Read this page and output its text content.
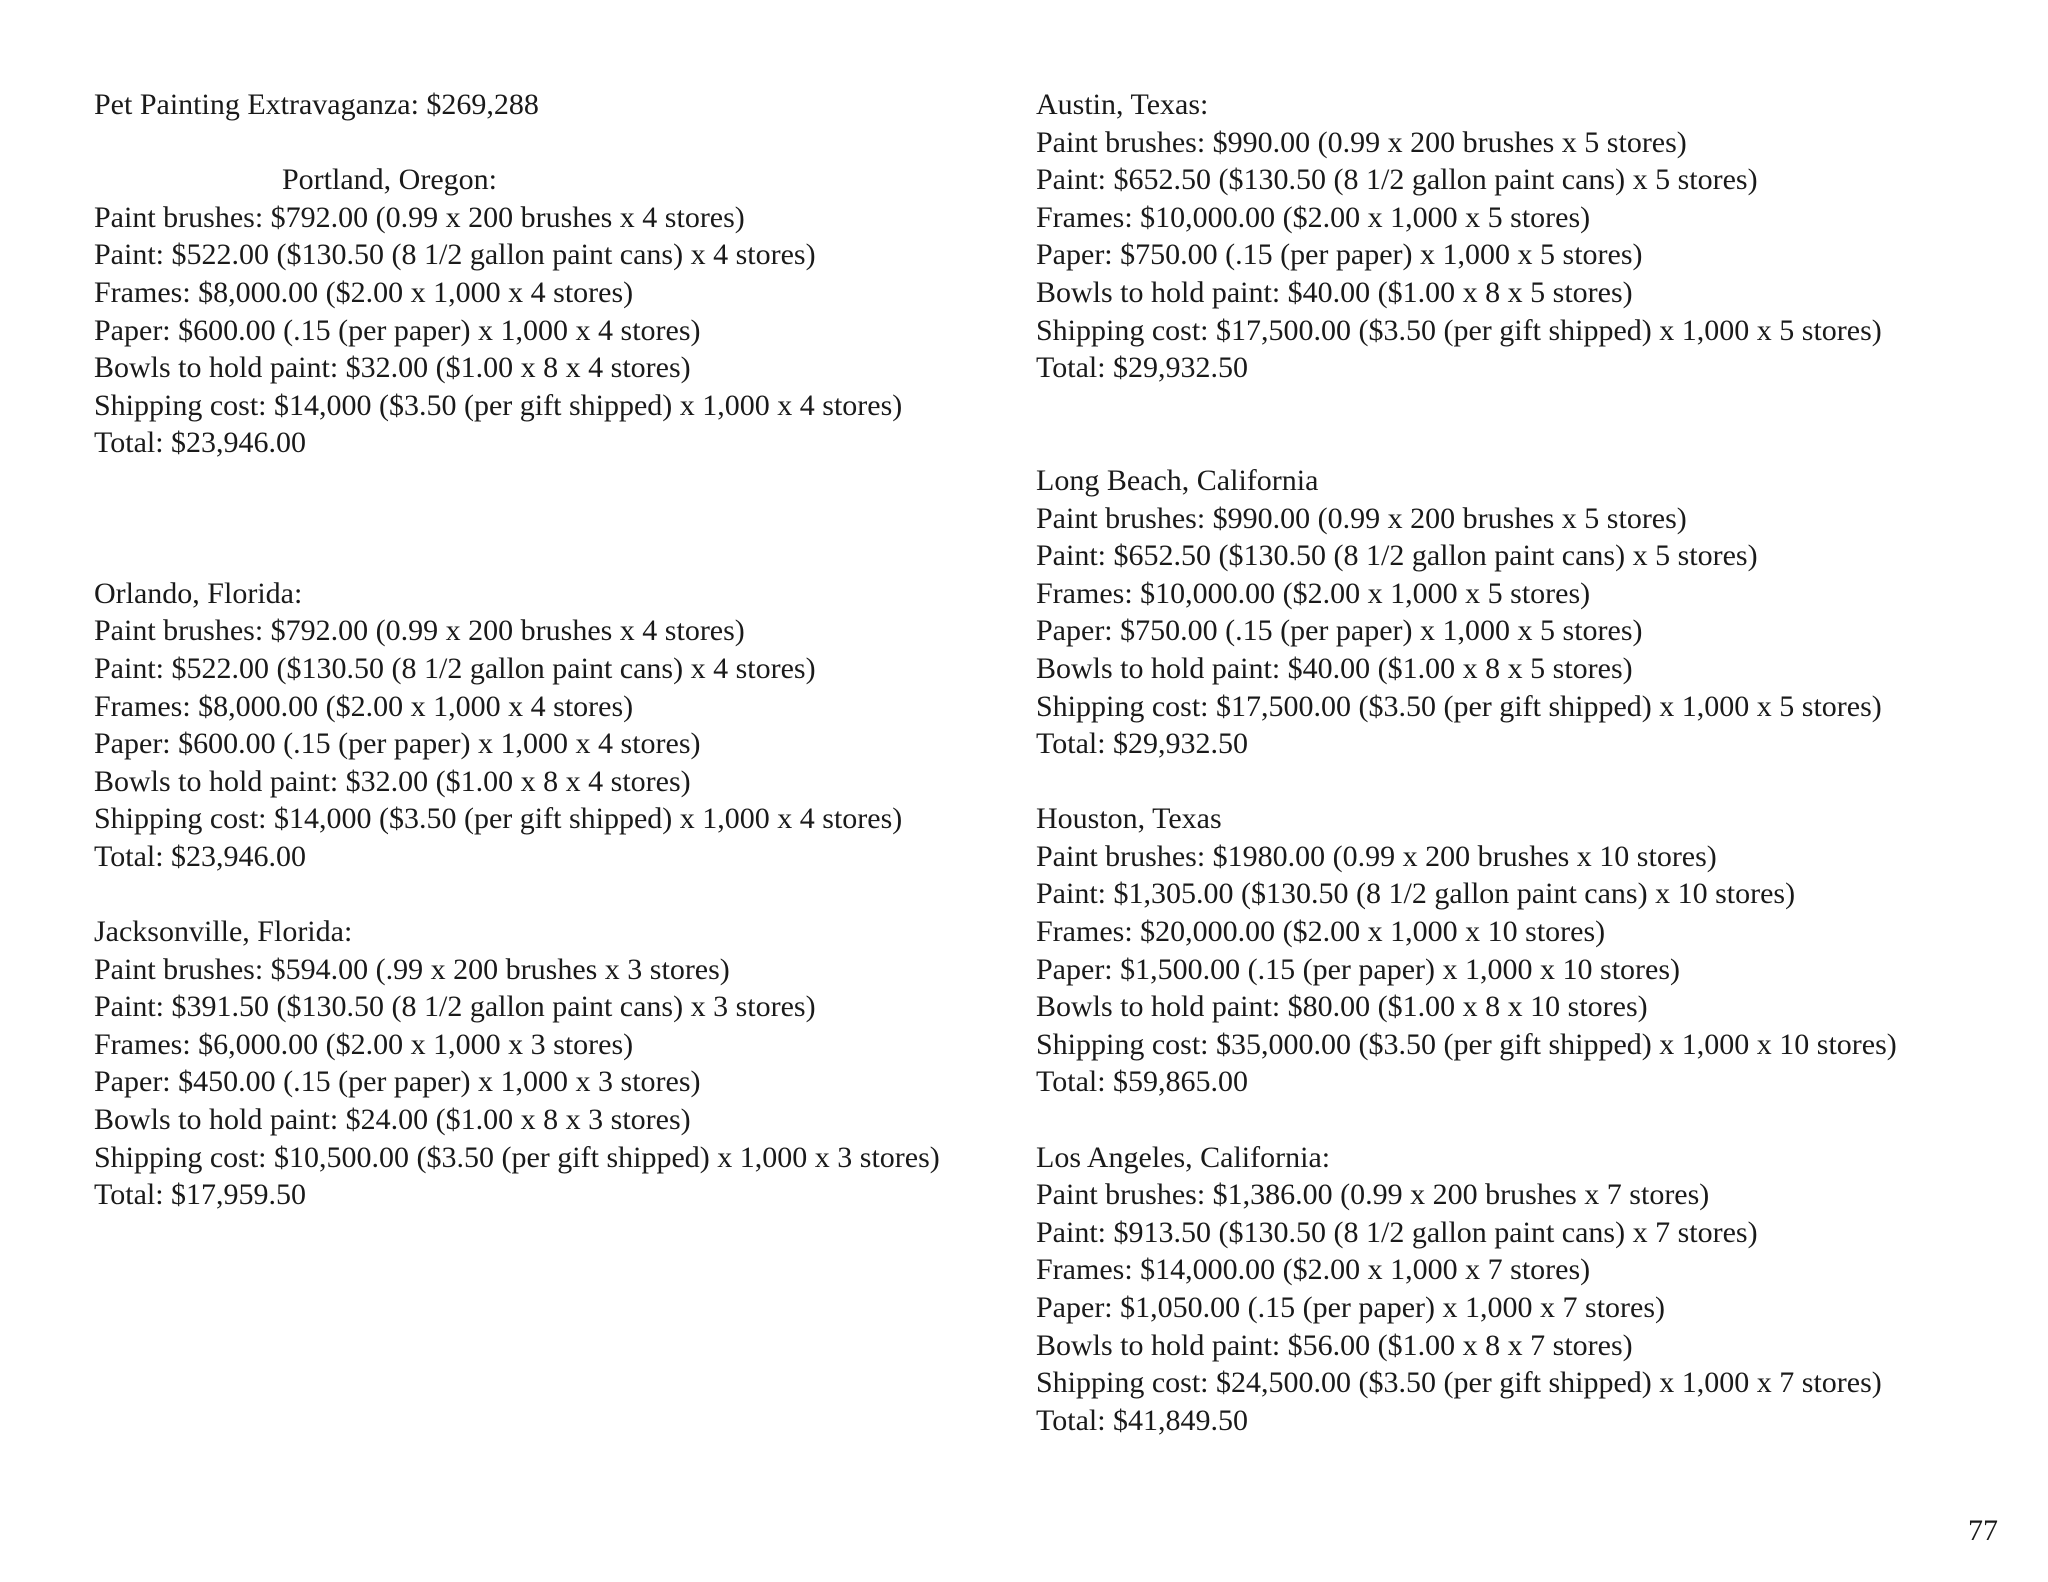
Pet Painting Extravaganza: $269,288
Portland, Oregon:
Paint brushes: $792.00 (0.99 x 200 brushes x 4 stores)
Paint: $522.00 ($130.50 (8 1/2 gallon paint cans) x 4 stores)
Frames: $8,000.00 ($2.00 x 1,000 x 4 stores)
Paper: $600.00 (.15 (per paper) x 1,000 x 4 stores)
Bowls to hold paint: $32.00 ($1.00 x 8 x 4 stores)
Shipping cost: $14,000 ($3.50 (per gift shipped) x 1,000 x 4 stores)
Total: $23,946.00
Orlando, Florida:
Paint brushes: $792.00 (0.99 x 200 brushes x 4 stores)
Paint: $522.00 ($130.50 (8 1/2 gallon paint cans) x 4 stores)
Frames: $8,000.00 ($2.00 x 1,000 x 4 stores)
Paper: $600.00 (.15 (per paper) x 1,000 x 4 stores)
Bowls to hold paint: $32.00 ($1.00 x 8 x 4 stores)
Shipping cost: $14,000 ($3.50 (per gift shipped) x 1,000 x 4 stores)
Total: $23,946.00
Jacksonville, Florida:
Paint brushes: $594.00 (.99 x 200 brushes x 3 stores)
Paint: $391.50 ($130.50 (8 1/2 gallon paint cans) x 3 stores)
Frames: $6,000.00 ($2.00 x 1,000 x 3 stores)
Paper: $450.00 (.15 (per paper) x 1,000 x 3 stores)
Bowls to hold paint: $24.00 ($1.00 x 8 x 3 stores)
Shipping cost: $10,500.00 ($3.50 (per gift shipped) x 1,000 x 3 stores)
Total: $17,959.50
Austin, Texas:
Paint brushes: $990.00 (0.99 x 200 brushes x 5 stores)
Paint: $652.50 ($130.50 (8 1/2 gallon paint cans) x 5 stores)
Frames: $10,000.00 ($2.00 x 1,000 x 5 stores)
Paper: $750.00 (.15 (per paper) x 1,000 x 5 stores)
Bowls to hold paint: $40.00 ($1.00 x 8 x 5 stores)
Shipping cost: $17,500.00 ($3.50 (per gift shipped) x 1,000 x 5 stores)
Total: $29,932.50
Long Beach, California
Paint brushes: $990.00 (0.99 x 200 brushes x 5 stores)
Paint: $652.50 ($130.50 (8 1/2 gallon paint cans) x 5 stores)
Frames: $10,000.00 ($2.00 x 1,000 x 5 stores)
Paper: $750.00 (.15 (per paper) x 1,000 x 5 stores)
Bowls to hold paint: $40.00 ($1.00 x 8 x 5 stores)
Shipping cost: $17,500.00 ($3.50 (per gift shipped) x 1,000 x 5 stores)
Total: $29,932.50
Houston, Texas
Paint brushes: $1980.00 (0.99 x 200 brushes x 10 stores)
Paint: $1,305.00 ($130.50 (8 1/2 gallon paint cans) x 10 stores)
Frames: $20,000.00 ($2.00 x 1,000 x 10 stores)
Paper: $1,500.00 (.15 (per paper) x 1,000 x 10 stores)
Bowls to hold paint: $80.00 ($1.00 x 8 x 10 stores)
Shipping cost: $35,000.00 ($3.50 (per gift shipped) x 1,000 x 10 stores)
Total: $59,865.00
Los Angeles, California:
Paint brushes: $1,386.00 (0.99 x 200 brushes x 7 stores)
Paint: $913.50 ($130.50 (8 1/2 gallon paint cans) x 7 stores)
Frames: $14,000.00 ($2.00 x 1,000 x 7 stores)
Paper: $1,050.00 (.15 (per paper) x 1,000 x 7 stores)
Bowls to hold paint: $56.00 ($1.00 x 8 x 7 stores)
Shipping cost: $24,500.00 ($3.50 (per gift shipped) x 1,000 x 7 stores)
Total: $41,849.50
77
